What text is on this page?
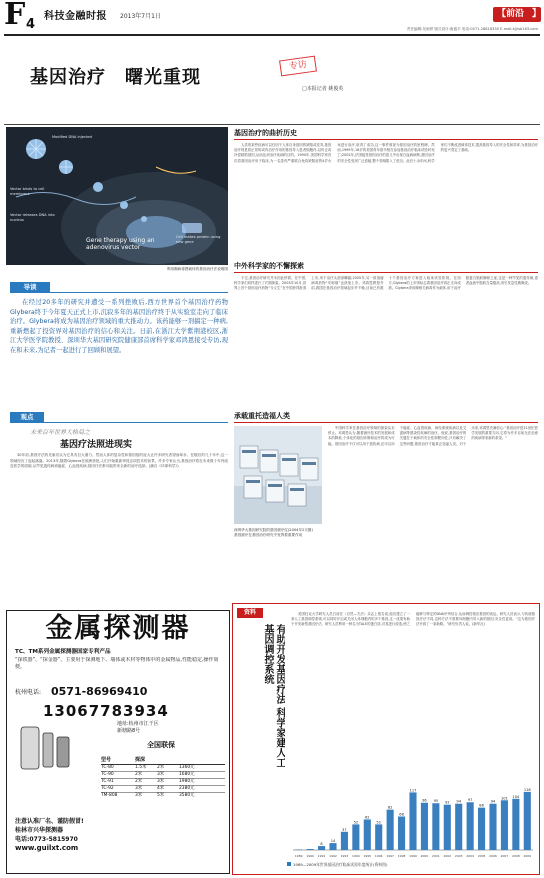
F 4
科技金融时报 2013年7月1日	【 前沿 】
责任编辑:吴雨婷 版式设计:唐盛平 电话:0571-28818330 E-mail:kjjrsb163.com
基因治疗　曙光重现
专访
□本报记者 姚俊英
Modified DNA injected
Vector binds to cell membrane
Vector releases DNA into nucleus
Cell makes protein using new gene
Gene therapy using an adenovirus vector
利用腺病毒携载体的基因治疗法说明图
导读
在经过20多年的研究并遭受一系列挫败后,西方世界首个基因治疗药物Glybera终于今年夏天正式上市,沉寂多年的基因治疗终于从实验室走向了临床治疗。Glybera将成为基因治疗领域的重大推动力。该药能够一剂搞定一种病,重新燃起了投资界对基因治疗的信心和关注。日前,在浙江大学紫荆港校区,浙江大学医学院教授、深圳华大基因研究院健康部首席科学家邓鸿恩接受专访,现在和未来,为记者一起进行了回顾和展望。
观点
未来百年世界大格局之
基因疗法照进现实
30年前,基因疗法的先驱们认为它具有巨大潜力。然而人体的复杂性和基因组的庞大让许多研究者望而却步。在随后的几十年中,这一领域经历了起起落落。2013年,随着Glybera在欧洲获批,人们开始重新审视这项技术的前景。许多专家认为,基因治疗将在未来数十年内改变医学的面貌,从罕见遗传病到癌症、心血管疾病,基因疗法都可能带来全新的治疗选择。(摘自《环球科学》)
金属探测器
TC、TM系列金属探测器国家专利产品
“探铁器”、“探金器”、主要用于探测地下、墙体或木材等物体中的金属物品,性能稳定,操作简便。
杭州电话: 0571-86969410
13067783934
地址:杭州市江干区
新塘路8号
全国联保
型号	探深
TC-80	1.5米	2米	1360元
TC-90	2米	3米	1680元
TC-91	2米	3米	1980元
TC-92	3米	4米	2380元
TM-808	3米	5米	3580元
注意认准厂名、谨防假冒!
桂林市兴华探测器
电话:0773-5815970
www.guilxt.com
基因治疗的曲折历史
人类的某些疾病可以归因于人体自身基因的缺陷或变异,基因治疗则是将正常的或有治疗作用的基因导入患者细胞内,以纠正或补偿缺陷基因,从而达到治疗疾病的目的。1990年,美国科学家首次将基因治疗用于临床,为一名患有严重联合免疫缺陷症的4岁女孩进行治疗,取得了成功,这一事件被视为基因治疗的里程碑。然而,1999年,18岁的美国青年基辛格在参加基因治疗临床试验时死亡;2002年,法国接受基因治疗的患儿中出现白血病病例,基因治疗的安全性受到广泛质疑,整个领域陷入了低谷。此后十余年间,科学家们不断改进载体技术,提高基因导入的安全性和效率,为基因治疗的复兴奠定了基础。
中外科学家的不懈探索
不过,基因治疗研究并未因此停滞。在中国,科学家们同样进行了长期探索。2003年10月,世界上首个基因治疗药物“今又生”在中国获得批准上市,用于治疗头颈部鳞癌;2005年,另一款溶瘤病毒药物“安柯瑞”也获批上市。邓鸿恩教授介绍,我国在基因治疗领域起步并不晚,目前已有数十个基因治疗方案进入临床试验阶段。在西方,Glybera的上市则标志着基因治疗真正走向成熟。Glybera采用腺相关病毒作为载体,用于治疗脂蛋白脂肪酶缺乏症,这是一种罕见的遗传病,患者血液中脂肪含量极高,易引发急性胰腺炎。
承载重托造福人类
深圳华大基因研究院的基因测序仪(2004年2月摄)
基因测序在基因治疗研究中发挥着重要作用
中国科学家在基因治疗领域的探索从未停止。邓鸿恩认为,随着测序技术的发展和成本的降低,个体化的基因诊断和治疗将成为可能。基因治疗不仅可以用于遗传病,还可以用于癌症、心血管疾病、神经系统疾病以及艾滋病等感染性疾病的治疗。他说,基因治疗的关键在于载体的安全性和靶向性,只有解决了这些问题,基因治疗才能真正造福人类。对于未来,邓鸿恩充满信心:“基因治疗是21世纪医学发展的重要方向,它将为许多目前无法治愈的疾病带来新的希望。”
资料
有助开发基因疗法 科学家建人工基因调控系统
美国杜克大学研究人员日前在《自然—方法》杂志上报告说,他们建立了一套人工基因调控系统,可以同时开启或关闭人体细胞内的多个基因,这一成果有助于开发新型基因疗法。研究人员利用一种名为TALE的蛋白质,对其进行改造,使之能够与特定的DNA序列结合,从而调控相应基因的表达。研究人员表示,与传统基因疗法不同,这种方法不需要向细胞内导入新的基因,安全性更高。“这为基因疗法开辟了一条新路。”研究负责人说。(新华社)
1989 1990
8
1991
14
1992
37
1993
52
1994
62
1995
52
1996
82
1997
68
1998
117
1999
96
2000
95
2001
92
2002
94
2003
97
2004
86
2005
94
2006
101
2007
104
2008
118
2009
1989—2009年世界基因治疗临床试验年度统计(资料图)
